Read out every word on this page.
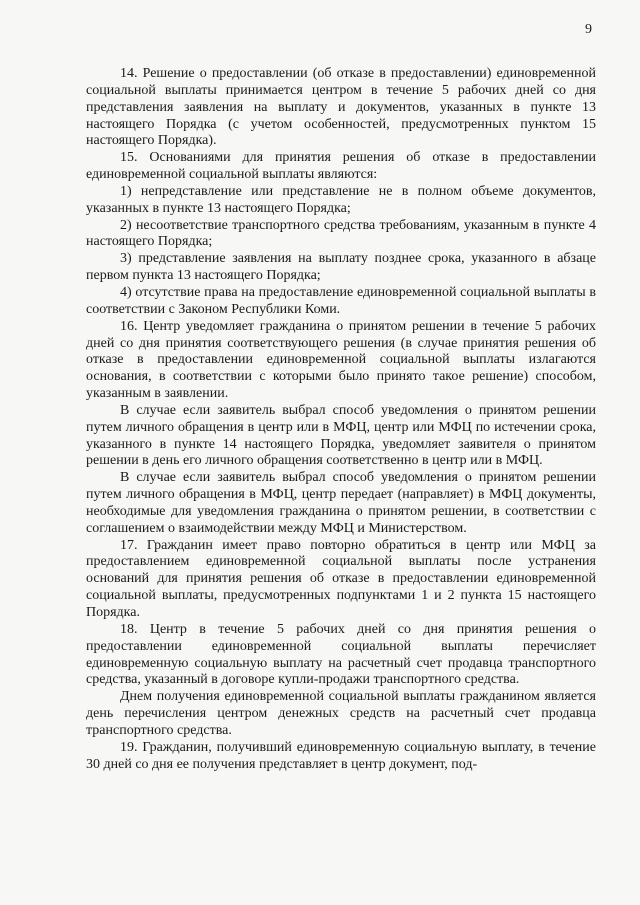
9

14. Решение о предоставлении (об отказе в предоставлении) единовременной социальной выплаты принимается центром в течение 5 рабочих дней со дня представления заявления на выплату и документов, указанных в пункте 13 настоящего Порядка (с учетом особенностей, предусмотренных пунктом 15 настоящего Порядка).

15. Основаниями для принятия решения об отказе в предоставлении единовременной социальной выплаты являются:

1) непредставление или представление не в полном объеме документов, указанных в пункте 13 настоящего Порядка;

2) несоответствие транспортного средства требованиям, указанным в пункте 4 настоящего Порядка;

3) представление заявления на выплату позднее срока, указанного в абзаце первом пункта 13 настоящего Порядка;

4) отсутствие права на предоставление единовременной социальной выплаты в соответствии с Законом Республики Коми.

16. Центр уведомляет гражданина о принятом решении в течение 5 рабочих дней со дня принятия соответствующего решения (в случае принятия решения об отказе в предоставлении единовременной социальной выплаты излагаются основания, в соответствии с которыми было принято такое решение) способом, указанным в заявлении.

В случае если заявитель выбрал способ уведомления о принятом решении путем личного обращения в центр или в МФЦ, центр или МФЦ по истечении срока, указанного в пункте 14 настоящего Порядка, уведомляет заявителя о принятом решении в день его личного обращения соответственно в центр или в МФЦ.

В случае если заявитель выбрал способ уведомления о принятом решении путем личного обращения в МФЦ, центр передает (направляет) в МФЦ документы, необходимые для уведомления гражданина о принятом решении, в соответствии с соглашением о взаимодействии между МФЦ и Министерством.

17. Гражданин имеет право повторно обратиться в центр или МФЦ за предоставлением единовременной социальной выплаты после устранения оснований для принятия решения об отказе в предоставлении единовременной социальной выплаты, предусмотренных подпунктами 1 и 2 пункта 15 настоящего Порядка.

18. Центр в течение 5 рабочих дней со дня принятия решения о предоставлении единовременной социальной выплаты перечисляет единовременную социальную выплату на расчетный счет продавца транспортного средства, указанный в договоре купли-продажи транспортного средства.

Днем получения единовременной социальной выплаты гражданином является день перечисления центром денежных средств на расчетный счет продавца транспортного средства.

19. Гражданин, получивший единовременную социальную выплату, в течение 30 дней со дня ее получения представляет в центр документ, под-
